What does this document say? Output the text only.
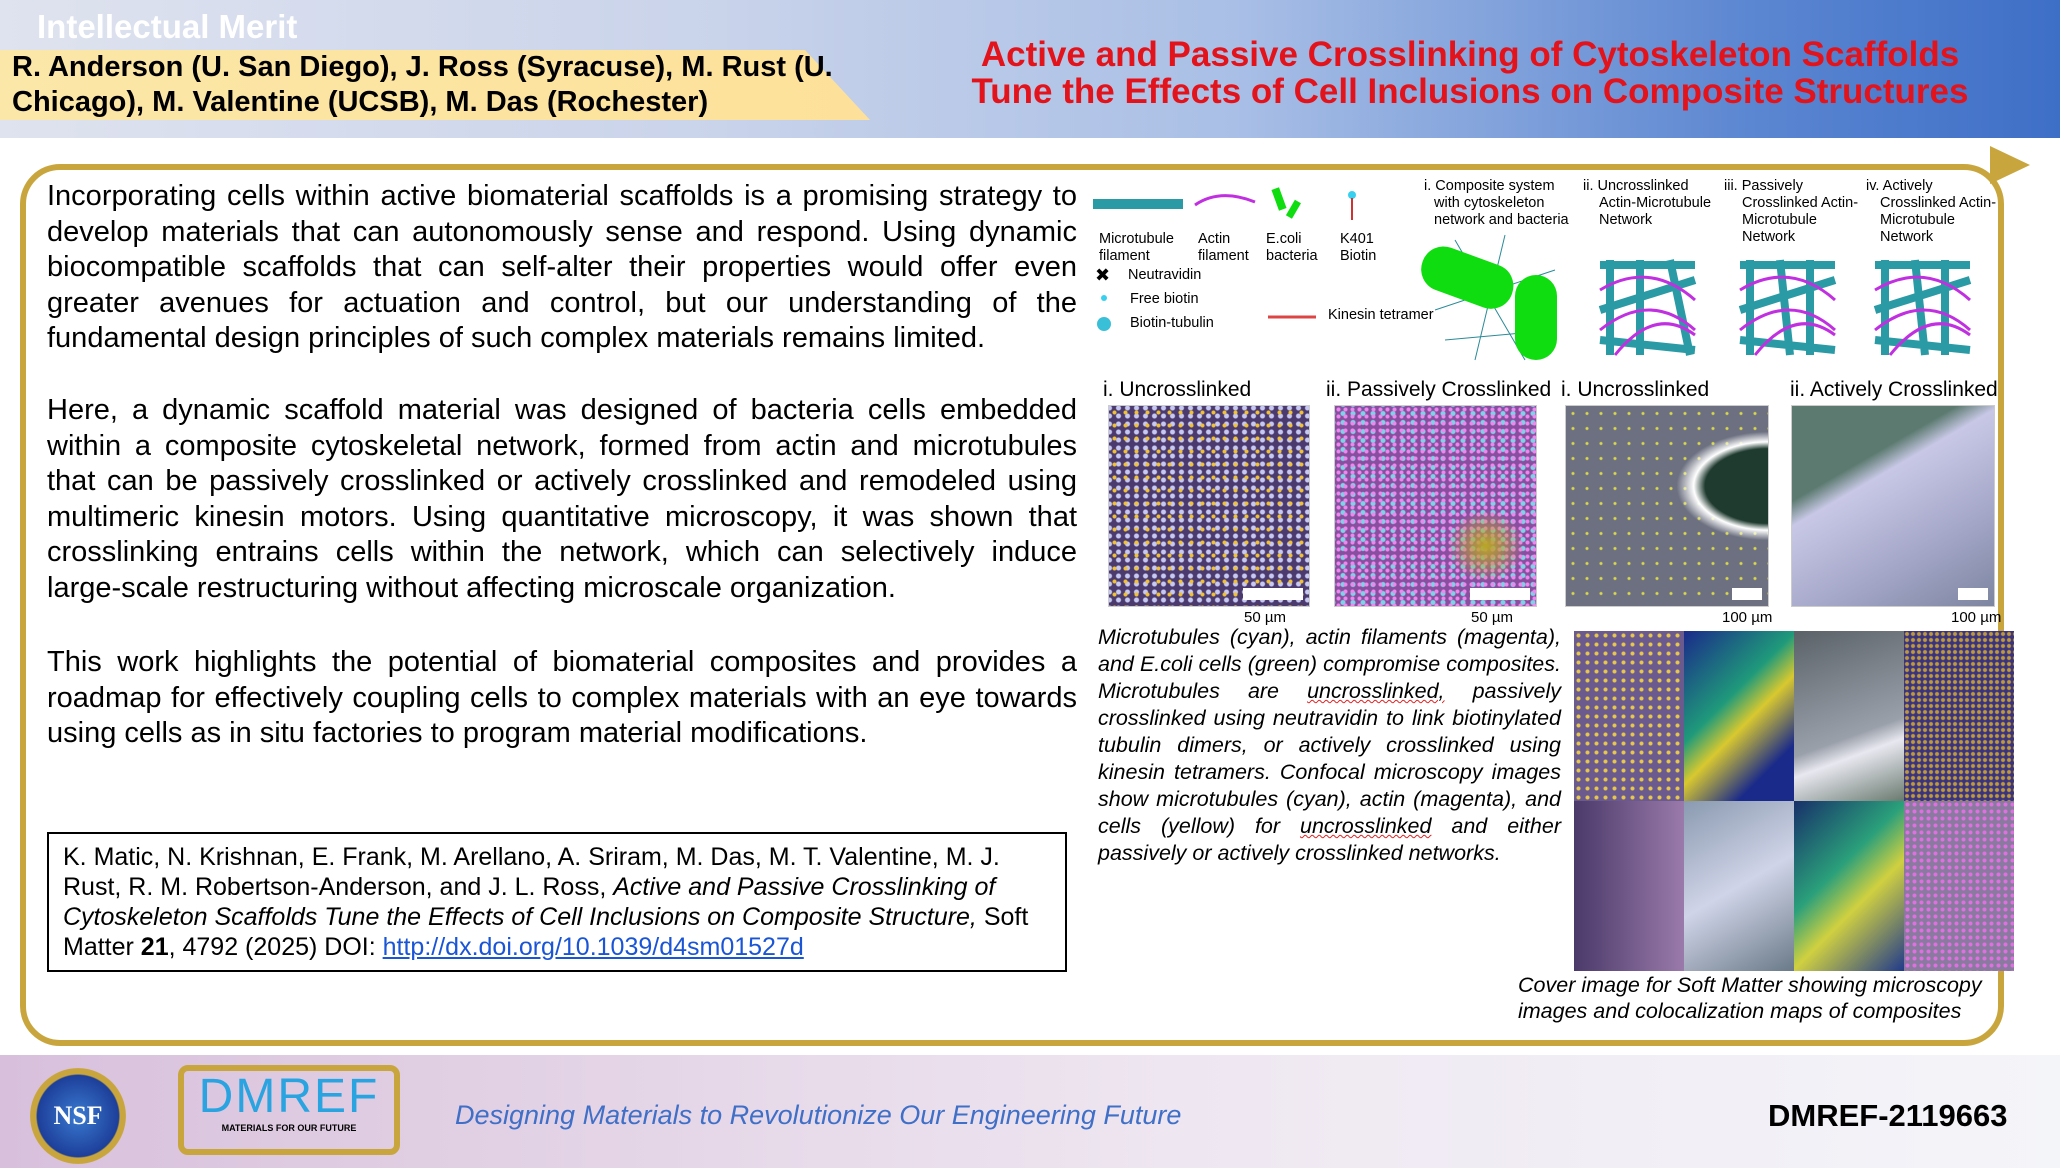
Intellectual Merit
R. Anderson (U. San Diego), J. Ross (Syracuse), M. Rust (U. Chicago), M. Valentine (UCSB), M. Das (Rochester)
Active and Passive Crosslinking of Cytoskeleton Scaffolds
Tune the Effects of Cell Inclusions on Composite Structures
Incorporating cells within active biomaterial scaffolds is a promising strategy to develop materials that can autonomously sense and respond. Using dynamic biocompatible scaffolds that can self-alter their properties would offer even greater avenues for actuation and control, but our understanding of the fundamental design principles of such complex materials remains limited.
Here, a dynamic scaffold material was designed of bacteria cells embedded within a composite cytoskeletal network, formed from actin and microtubules that can be passively crosslinked or actively crosslinked and remodeled using multimeric kinesin motors. Using quantitative microscopy, it was shown that crosslinking entrains cells within the network, which can selectively induce large-scale restructuring without affecting microscale organization.
This work highlights the potential of biomaterial composites and provides a roadmap for effectively coupling cells to complex materials with an eye towards using cells as in situ factories to program material modifications.
K. Matic, N. Krishnan, E. Frank, M. Arellano, A. Sriram, M. Das, M. T. Valentine, M. J. Rust, R. M. Robertson-Anderson, and J. L. Ross, Active and Passive Crosslinking of Cytoskeleton Scaffolds Tune the Effects of Cell Inclusions on Composite Structure, Soft Matter 21, 4792 (2025) DOI: http://dx.doi.org/10.1039/d4sm01527d
✖
Microtubule filament
Actin filament
E.coli bacteria
K401 Biotin
Neutravidin
Free biotin
Biotin-tubulin	Kinesin tetramer
i. Composite system with cytoskeleton network and bacteria
ii. Uncrosslinked Actin-Microtubule Network
iii. Passively Crosslinked Actin-Microtubule Network
iv. Actively Crosslinked Actin-Microtubule Network
i. Uncrosslinked	ii. Passively Crosslinked i. Uncrosslinked	ii. Actively Crosslinked
50 µm	50 µm	100 µm	100 µm
Microtubules (cyan), actin filaments (magenta), and E.coli cells (green) compromise composites. Microtubules are uncrosslinked, passively crosslinked using neutravidin to link biotinylated tubulin dimers, or actively crosslinked using kinesin tetramers. Confocal microscopy images show microtubules (cyan), actin (magenta), and cells (yellow) for uncrosslinked and either passively or actively crosslinked networks.
Cover image for Soft Matter showing microscopy images and colocalization maps of composites
NSF	DMREF
MATERIALS FOR OUR FUTURE	Designing Materials to Revolutionize Our Engineering Future	DMREF-2119663
